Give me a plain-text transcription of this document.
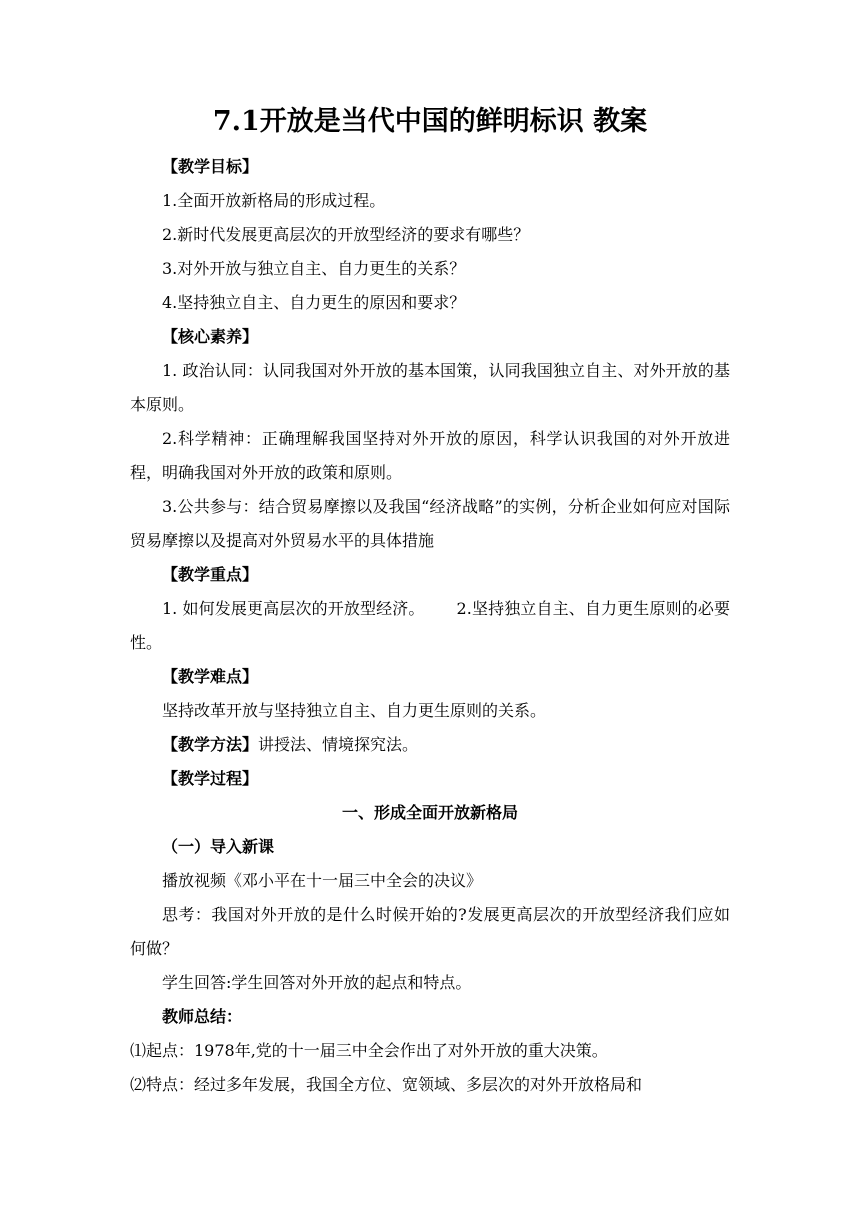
7.1开放是当代中国的鲜明标识 教案

【教学目标】

1.全面开放新格局的形成过程。

2.新时代发展更高层次的开放型经济的要求有哪些？

3.对外开放与独立自主、自力更生的关系？

4.坚持独立自主、自力更生的原因和要求？

【核心素养】

1. 政治认同：认同我国对外开放的基本国策，认同我国独立自主、对外开放的基本原则。

2.科学精神：正确理解我国坚持对外开放的原因，科学认识我国的对外开放进程，明确我国对外开放的政策和原则。

3.公共参与：结合贸易摩擦以及我国“经济战略”的实例，分析企业如何应对国际贸易摩擦以及提高对外贸易水平的具体措施

【教学重点】

1. 如何发展更高层次的开放型经济。 2.坚持独立自主、自力更生原则的必要性。

【教学难点】

坚持改革开放与坚持独立自主、自力更生原则的关系。

【教学方法】讲授法、情境探究法。

【教学过程】

一、形成全面开放新格局

（一）导入新课

播放视频《邓小平在十一届三中全会的决议》

思考：我国对外开放的是什么时候开始的?发展更高层次的开放型经济我们应如何做？

学生回答:学生回答对外开放的起点和特点。

教师总结：

⑴起点：1978年,党的十一届三中全会作出了对外开放的重大决策。

⑵特点：经过多年发展，我国全方位、宽领域、多层次的对外开放格局和
